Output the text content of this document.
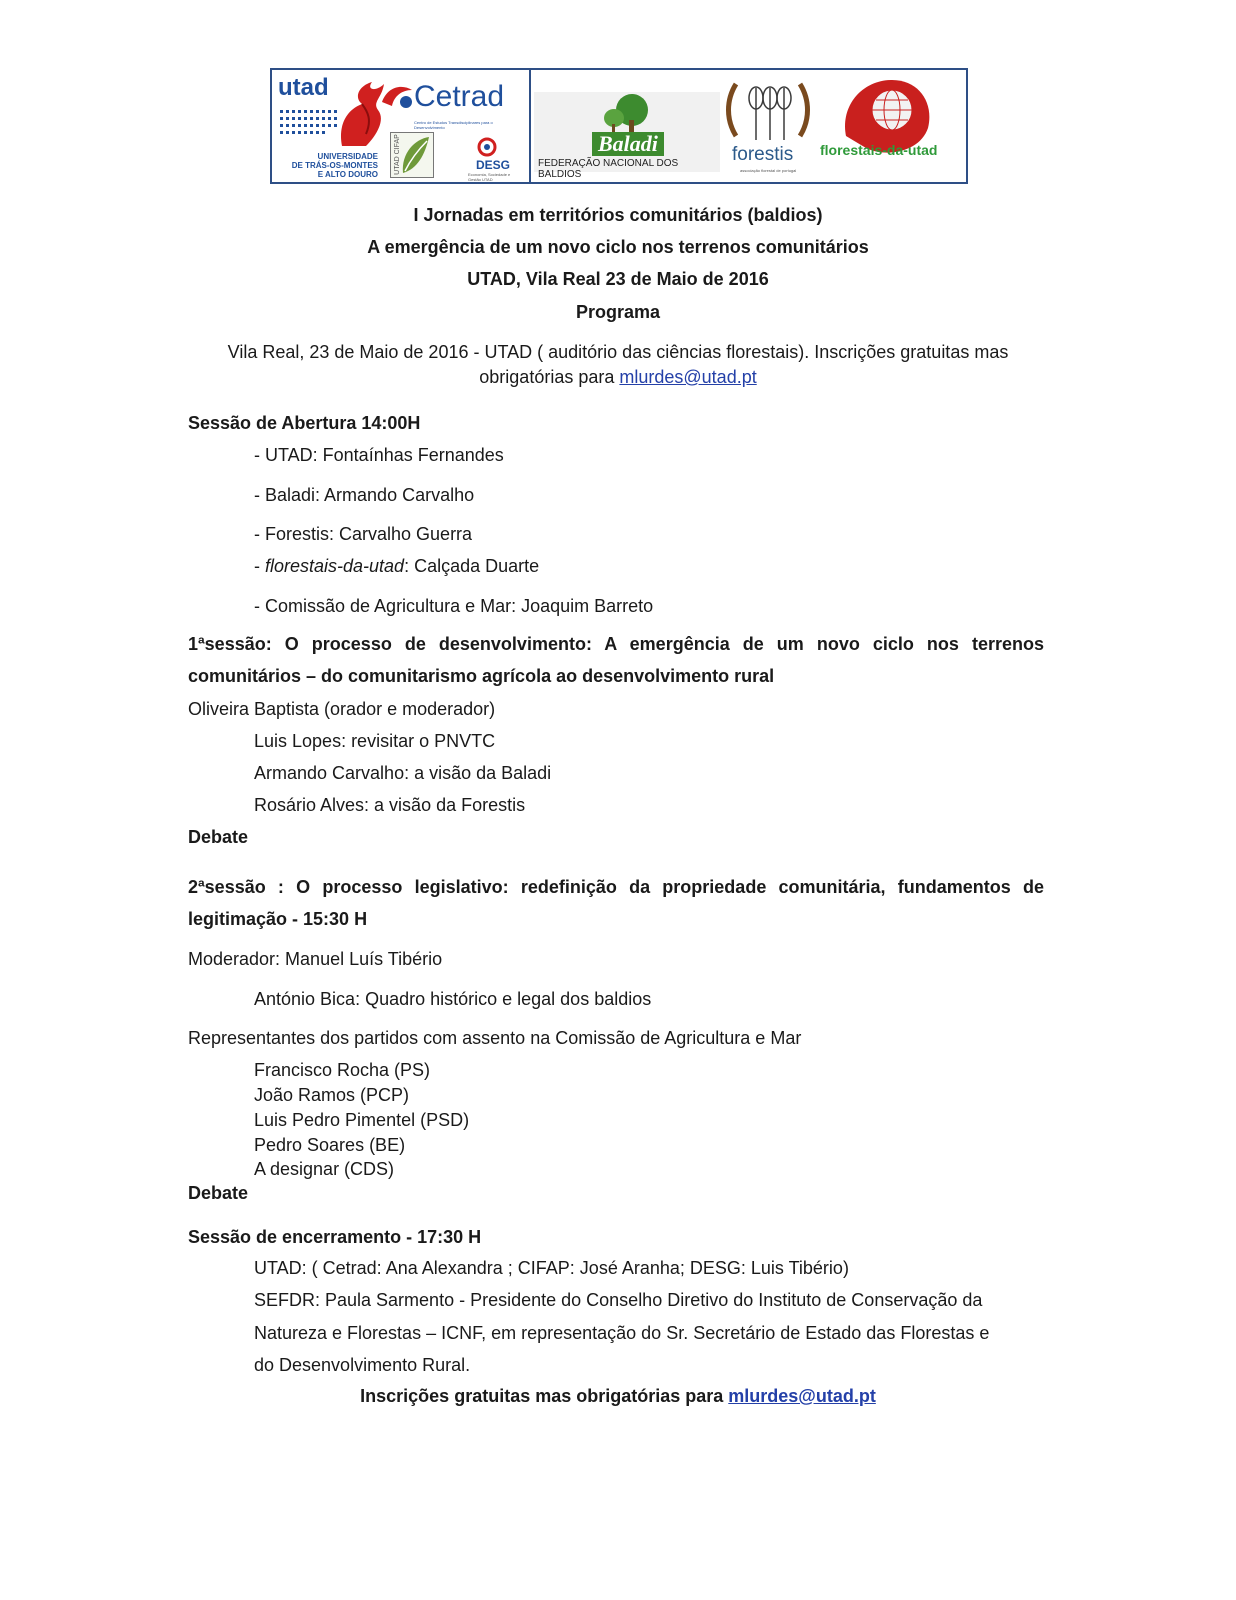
utad
UNIVERSIDADE
DE TRÁS-OS-MONTES
E ALTO DOURO
Cetrad
Centro de Estudos Transdisciplinares para o Desenvolvimento
UTAD CIFAP	DESG
Economia, Sociedade e Gestão UTAD
Baladi
FEDERAÇÃO NACIONAL DOS BALDIOS
forestis
associação florestal de portugal
florestais-da-utad
I Jornadas em territórios comunitários (baldios)
A emergência de um novo ciclo nos terrenos comunitários
UTAD, Vila Real 23 de Maio de 2016
Programa
Vila Real, 23 de Maio de 2016 - UTAD ( auditório das ciências florestais). Inscrições gratuitas mas
obrigatórias para mlurdes@utad.pt
Sessão de Abertura 14:00H
- UTAD: Fontaínhas Fernandes
- Baladi: Armando Carvalho
- Forestis: Carvalho Guerra
- florestais-da-utad: Calçada Duarte
- Comissão de Agricultura e Mar: Joaquim Barreto
1ªsessão: O processo de desenvolvimento: A emergência de um novo ciclo nos terrenos
comunitários – do comunitarismo agrícola ao desenvolvimento rural
Oliveira Baptista (orador e moderador)
Luis Lopes: revisitar o PNVTC
Armando Carvalho: a visão da Baladi
Rosário Alves: a visão da Forestis
Debate
2ªsessão : O processo legislativo: redefinição da propriedade comunitária, fundamentos de
legitimação - 15:30 H
Moderador: Manuel Luís Tibério
António Bica: Quadro histórico e legal dos baldios
Representantes dos partidos com assento na Comissão de Agricultura e Mar
Francisco Rocha (PS)
João Ramos (PCP)
Luis Pedro Pimentel (PSD)
Pedro Soares (BE)
A designar (CDS)
Debate
Sessão de encerramento - 17:30 H
UTAD: ( Cetrad: Ana Alexandra ; CIFAP: José Aranha; DESG: Luis Tibério)
SEFDR: Paula Sarmento - Presidente do Conselho Diretivo do Instituto de Conservação da
Natureza e Florestas – ICNF, em representação do Sr. Secretário de Estado das Florestas e
do Desenvolvimento Rural.
Inscrições gratuitas mas obrigatórias para mlurdes@utad.pt
